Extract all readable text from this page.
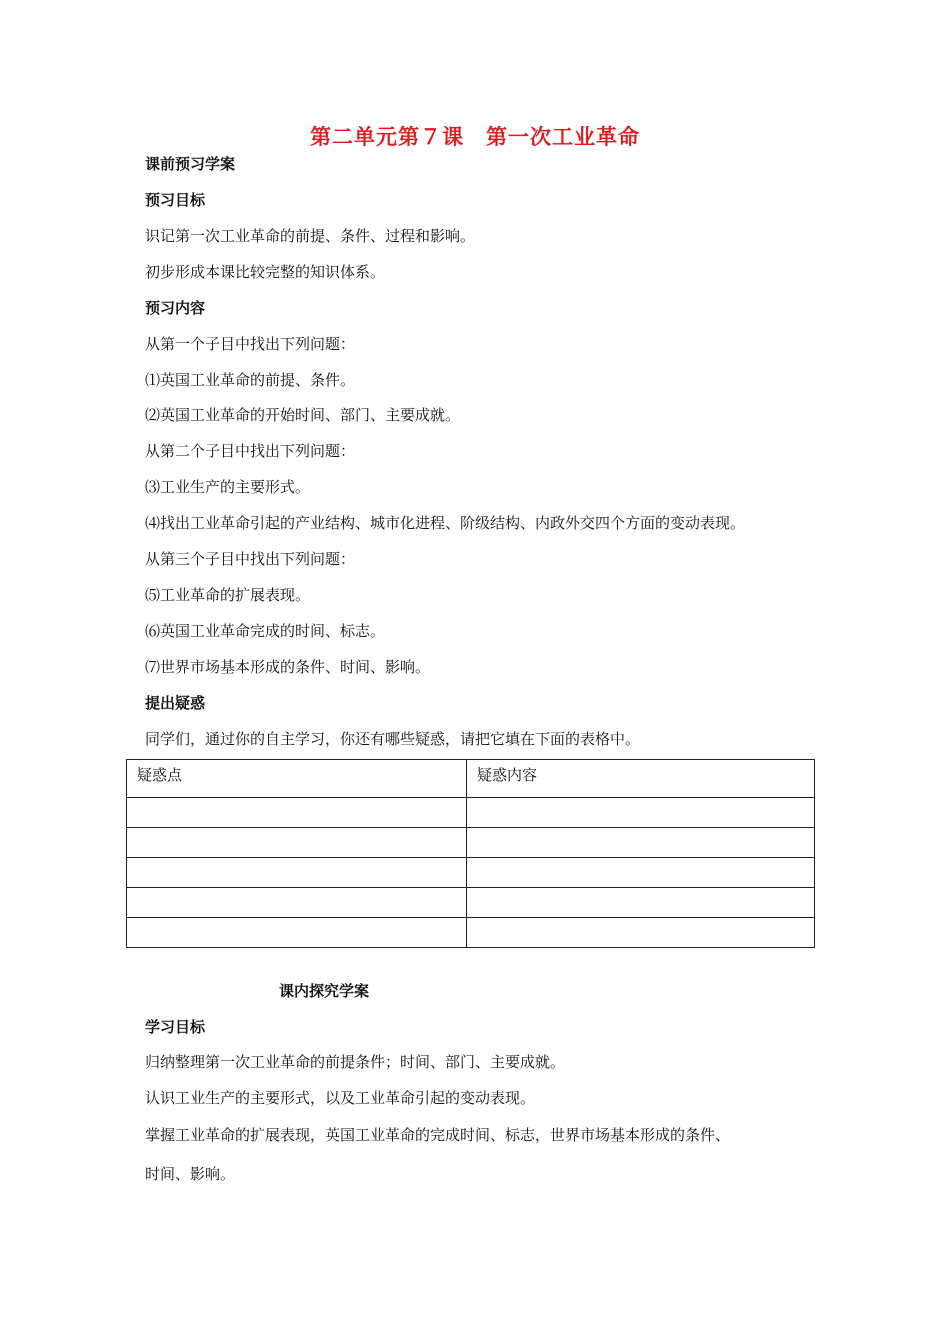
第二单元第７课　第一次工业革命
课前预习学案
预习目标
识记第一次工业革命的前提、条件、过程和影响。
初步形成本课比较完整的知识体系。
预习内容
从第一个子目中找出下列问题：
⑴英国工业革命的前提、条件。
⑵英国工业革命的开始时间、部门、主要成就。
从第二个子目中找出下列问题：
⑶工业生产的主要形式。
⑷找出工业革命引起的产业结构、城市化进程、阶级结构、内政外交四个方面的变动表现。
从第三个子目中找出下列问题：
⑸工业革命的扩展表现。
⑹英国工业革命完成的时间、标志。
⑺世界市场基本形成的条件、时间、影响。
提出疑惑
同学们，通过你的自主学习，你还有哪些疑惑，请把它填在下面的表格中。
疑惑点	疑惑内容

课内探究学案
学习目标
归纳整理第一次工业革命的前提条件；时间、部门、主要成就。
认识工业生产的主要形式，以及工业革命引起的变动表现。
掌握工业革命的扩展表现，英国工业革命的完成时间、标志，世界市场基本形成的条件、
时间、影响。
